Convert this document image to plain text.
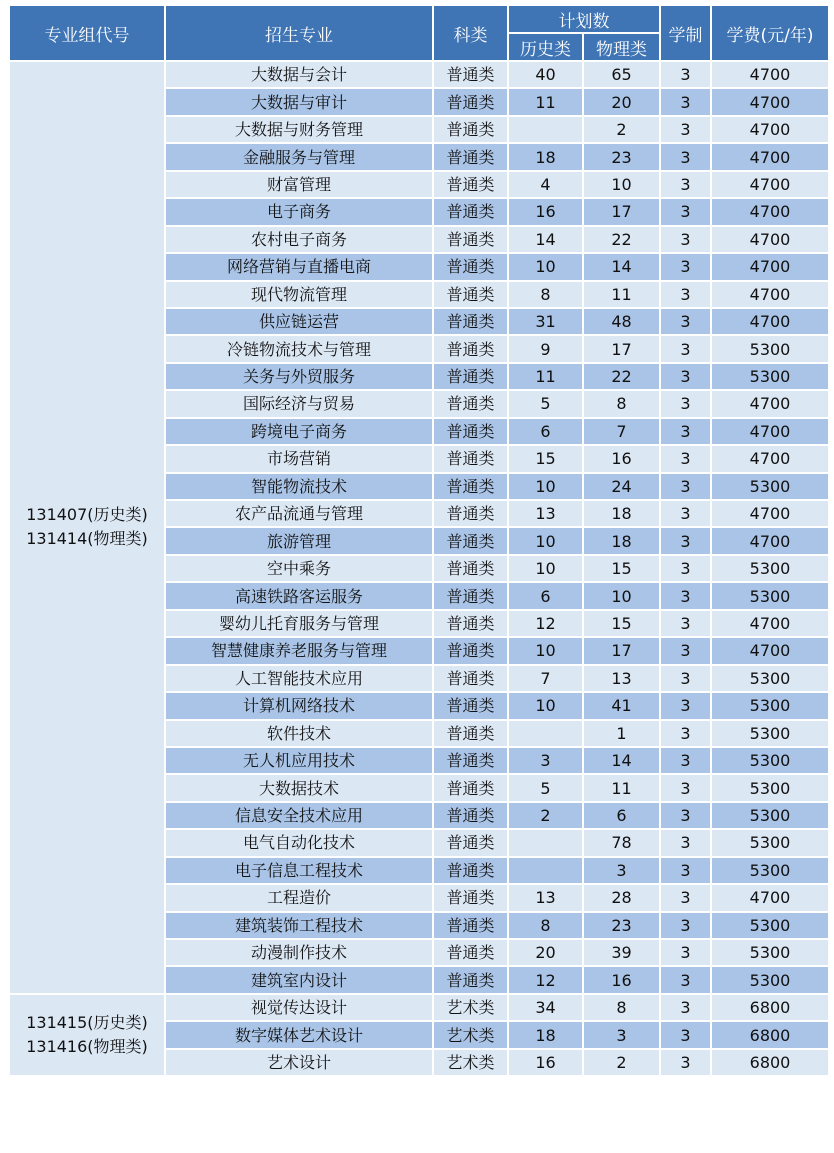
专业组代号	招生专业	科类	计划数		学制	学费(元/年)
			历史类	物理类		

131407(历史类)
131414(物理类)	大数据与会计	普通类	40	65	3	4700
	大数据与审计	普通类	11	20	3	4700
	大数据与财务管理	普通类		2	3	4700
	金融服务与管理	普通类	18	23	3	4700
	财富管理	普通类	4	10	3	4700
	电子商务	普通类	16	17	3	4700
	农村电子商务	普通类	14	22	3	4700
	网络营销与直播电商	普通类	10	14	3	4700
	现代物流管理	普通类	8	11	3	4700
	供应链运营	普通类	31	48	3	4700
	冷链物流技术与管理	普通类	9	17	3	5300
	关务与外贸服务	普通类	11	22	3	5300
	国际经济与贸易	普通类	5	8	3	4700
	跨境电子商务	普通类	6	7	3	4700
	市场营销	普通类	15	16	3	4700
	智能物流技术	普通类	10	24	3	5300
	农产品流通与管理	普通类	13	18	3	4700
	旅游管理	普通类	10	18	3	4700
	空中乘务	普通类	10	15	3	5300
	高速铁路客运服务	普通类	6	10	3	5300
	婴幼儿托育服务与管理	普通类	12	15	3	4700
	智慧健康养老服务与管理	普通类	10	17	3	4700
	人工智能技术应用	普通类	7	13	3	5300
	计算机网络技术	普通类	10	41	3	5300
	软件技术	普通类		1	3	5300
	无人机应用技术	普通类	3	14	3	5300
	大数据技术	普通类	5	11	3	5300
	信息安全技术应用	普通类	2	6	3	5300
	电气自动化技术	普通类		78	3	5300
	电子信息工程技术	普通类		3	3	5300
	工程造价	普通类	13	28	3	4700
	建筑装饰工程技术	普通类	8	23	3	5300
	动漫制作技术	普通类	20	39	3	5300
	建筑室内设计	普通类	12	16	3	5300

131415(历史类)
131416(物理类)	视觉传达设计	艺术类	34	8	3	6800
	数字媒体艺术设计	艺术类	18	3	3	6800
	艺术设计	艺术类	16	2	3	6800
